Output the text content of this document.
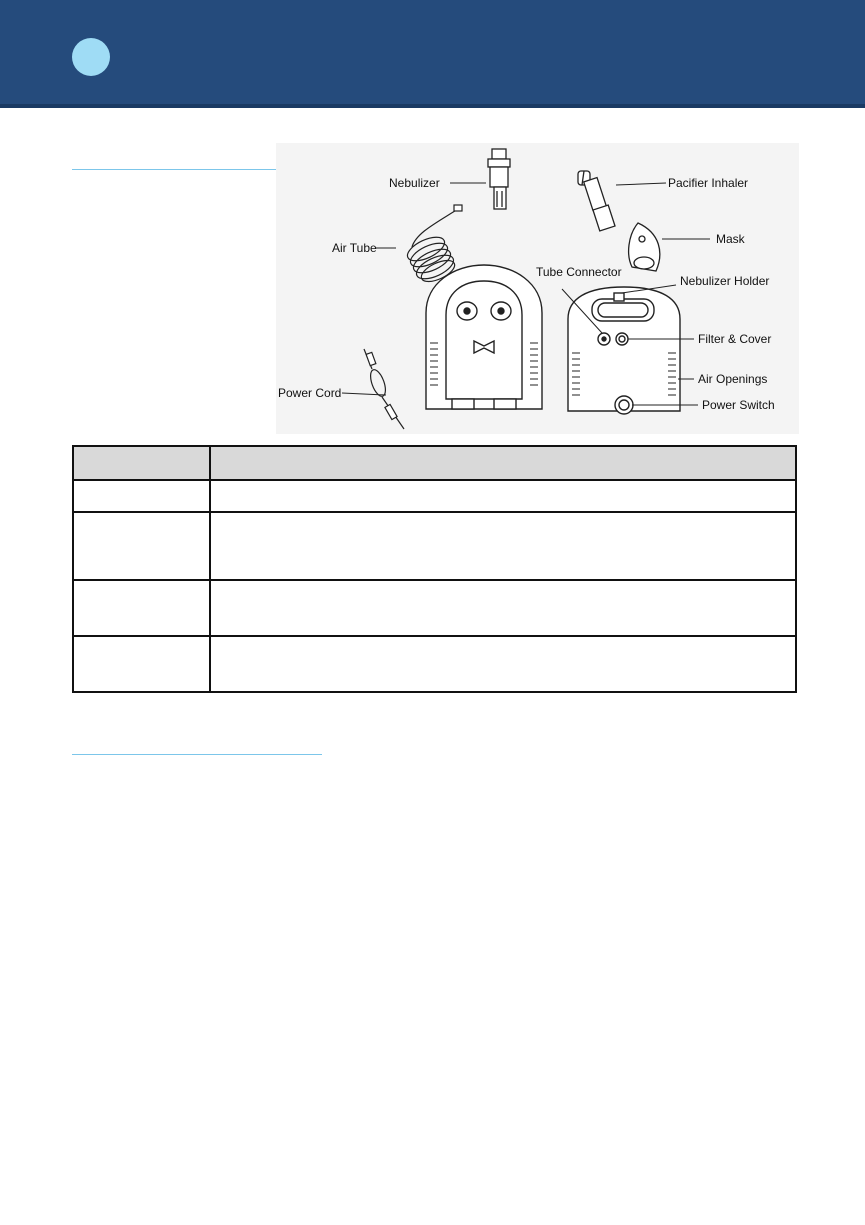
Nebulizer	Pacifier Inhaler
Air Tube
Mask
Power Cord
Tube Connector
Nebulizer Holder
Filter & Cover
Air Openings
Power Switch
